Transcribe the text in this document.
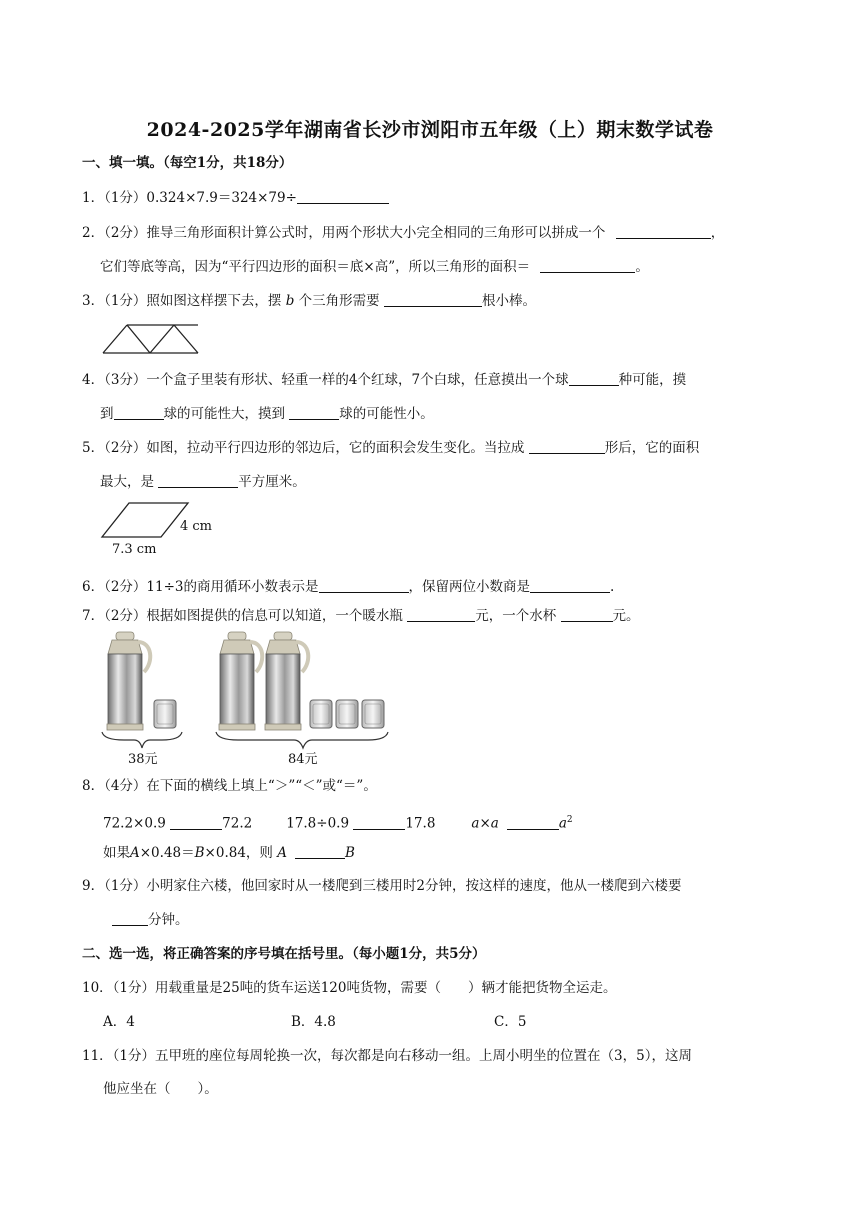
2024-2025学年湖南省长沙市浏阳市五年级（上）期末数学试卷
一、填一填。（每空1分，共18分）
1．（1分）0.324×7.9＝324×79÷
2．（2分）推导三角形面积计算公式时，用两个形状大小完全相同的三角形可以拼成一个	，
它们等底等高，因为“平行四边形的面积＝底×高”，所以三角形的面积＝	。
3．（1分）照如图这样摆下去，摆 b 个三角形需要	根小棒。
4．（3分）一个盒子里装有形状、轻重一样的4个红球，7个白球，任意摸出一个球	种可能，摸
到	球的可能性大，摸到	球的可能性小。
5．（2分）如图，拉动平行四边形的邻边后，它的面积会发生变化。当拉成	形后，它的面积
最大，是	平方厘米。
4 cm
7.3 cm
6．（2分）11÷3的商用循环小数表示是	，保留两位小数商是	.
7．（2分）根据如图提供的信息可以知道，一个暖水瓶	元，一个水杯	元。
38元	84元
8．（4分）在下面的横线上填上“＞”“＜”或“＝”。
72.2×0.9	72.2	17.8÷0.9	17.8	a×a	$a^2$
如果A×0.48＝B×0.84，则 A	B
9．（1分）小明家住六楼，他回家时从一楼爬到三楼用时2分钟，按这样的速度，他从一楼爬到六楼要
分钟。
二、选一选，将正确答案的序号填在括号里。（每小题1分，共5分）
10．（1分）用载重量是25吨的货车运送120吨货物，需要（　　）辆才能把货物全运走。
A．4	B．4.8	C．5
11．（1分）五甲班的座位每周轮换一次，每次都是向右移动一组。上周小明坐的位置在（3，5），这周
他应坐在（　　）。
